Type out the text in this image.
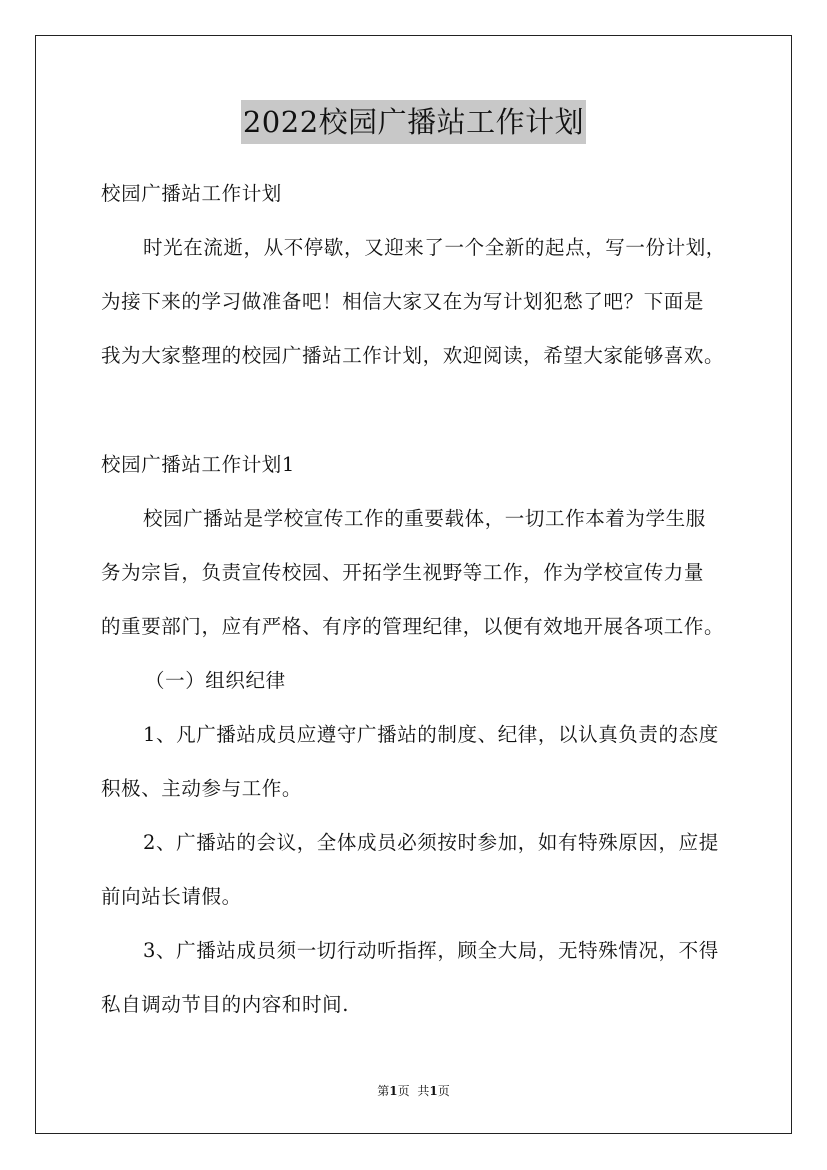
2022校园广播站工作计划
校园广播站工作计划
时光在流逝，从不停歇，又迎来了一个全新的起点，写一份计划，
为接下来的学习做准备吧！相信大家又在为写计划犯愁了吧？下面是
我为大家整理的校园广播站工作计划，欢迎阅读，希望大家能够喜欢。
校园广播站工作计划1
校园广播站是学校宣传工作的重要载体，一切工作本着为学生服
务为宗旨，负责宣传校园、开拓学生视野等工作，作为学校宣传力量
的重要部门，应有严格、有序的管理纪律，以便有效地开展各项工作。
（一）组织纪律
1、凡广播站成员应遵守广播站的制度、纪律，以认真负责的态度
积极、主动参与工作。
2、广播站的会议，全体成员必须按时参加，如有特殊原因，应提
前向站长请假。
3、广播站成员须一切行动听指挥，顾全大局，无特殊情况，不得
私自调动节目的内容和时间.
第1页 共1页
